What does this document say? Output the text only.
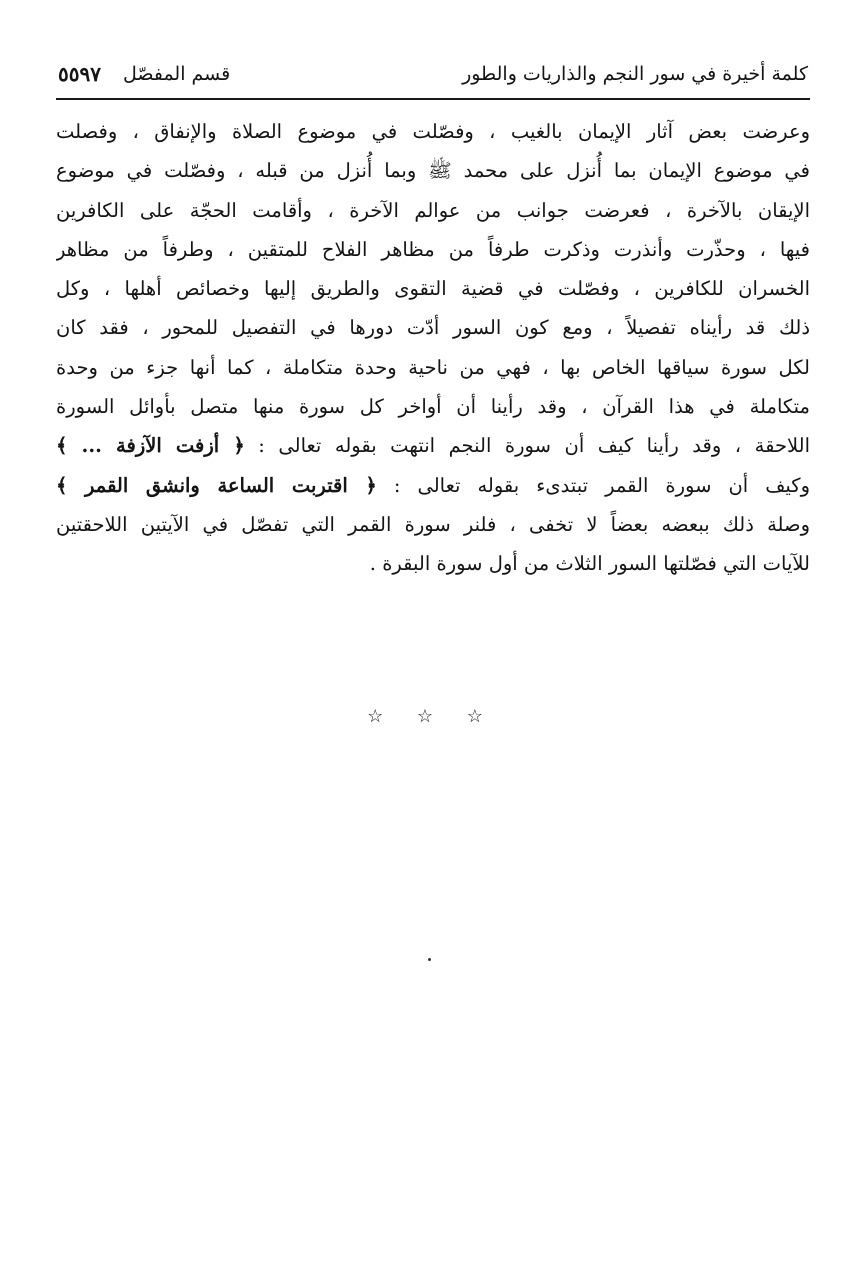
كلمة أخيرة في سور النجم والذاريات والطور
قسم المفصّل
٥٥٩٧
وعرضت بعض آثار الإيمان بالغيب ، وفصّلت في موضوع الصلاة والإنفاق ، وفصلت
في موضوع الإيمان بما أُنزل على محمد ﷺ وبما أُنزل من قبله ، وفصّلت في موضوع
الإيقان بالآخرة ، فعرضت جوانب من عوالم الآخرة ، وأقامت الحجّة على الكافرين
فيها ، وحذّرت وأنذرت وذكرت طرفاً من مظاهر الفلاح للمتقين ، وطرفاً من مظاهر
الخسران للكافرين ، وفصّلت في قضية التقوى والطريق إليها وخصائص أهلها ، وكل
ذلك قد رأيناه تفصيلاً ، ومع كون السور أدّت دورها في التفصيل للمحور ، فقد كان
لكل سورة سياقها الخاص بها ، فهي من ناحية وحدة متكاملة ، كما أنها جزء من وحدة
متكاملة في هذا القرآن ، وقد رأينا أن أواخر كل سورة منها متصل بأوائل السورة
اللاحقة ، وقد رأينا كيف أن سورة النجم انتهت بقوله تعالى : ﴿ أزفت الآزفة ... ﴾
وكيف أن سورة القمر تبتدىء بقوله تعالى : ﴿ اقتربت الساعة وانشق القمر ﴾
وصلة ذلك ببعضه بعضاً لا تخفى ، فلنر سورة القمر التي تفصّل في الآيتين اللاحقتين
للآيات التي فصّلتها السور الثلاث من أول سورة البقرة .
☆ ☆ ☆
